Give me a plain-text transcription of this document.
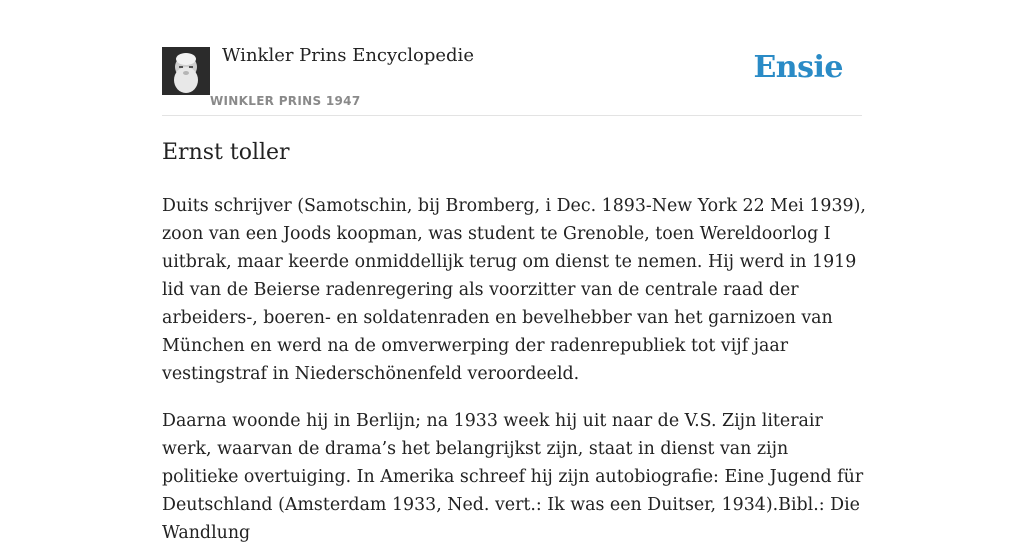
Winkler Prins Encyclopedie
WINKLER PRINS 1947
Ensie
Ernst toller

Duits schrijver (Samotschin, bij Bromberg, i Dec. 1893-New York 22 Mei 1939), zoon van een Joods koopman, was student te Grenoble, toen Wereldoorlog I uitbrak, maar keerde onmiddellijk terug om dienst te nemen. Hij werd in 1919 lid van de Beierse radenregering als voorzitter van de centrale raad der arbeiders-, boeren- en soldatenraden en bevelhebber van het garnizoen van München en werd na de omverwerping der radenrepubliek tot vijf jaar vestingstraf in Niederschönenfeld veroordeeld.

Daarna woonde hij in Berlijn; na 1933 week hij uit naar de V.S. Zijn literair werk, waarvan de drama’s het belangrijkst zijn, staat in dienst van zijn politieke overtuiging. In Amerika schreef hij zijn autobiografie: Eine Jugend für Deutschland (Amsterdam 1933, Ned. vert.: Ik was een Duitser, 1934).Bibl.: Die Wandlung
